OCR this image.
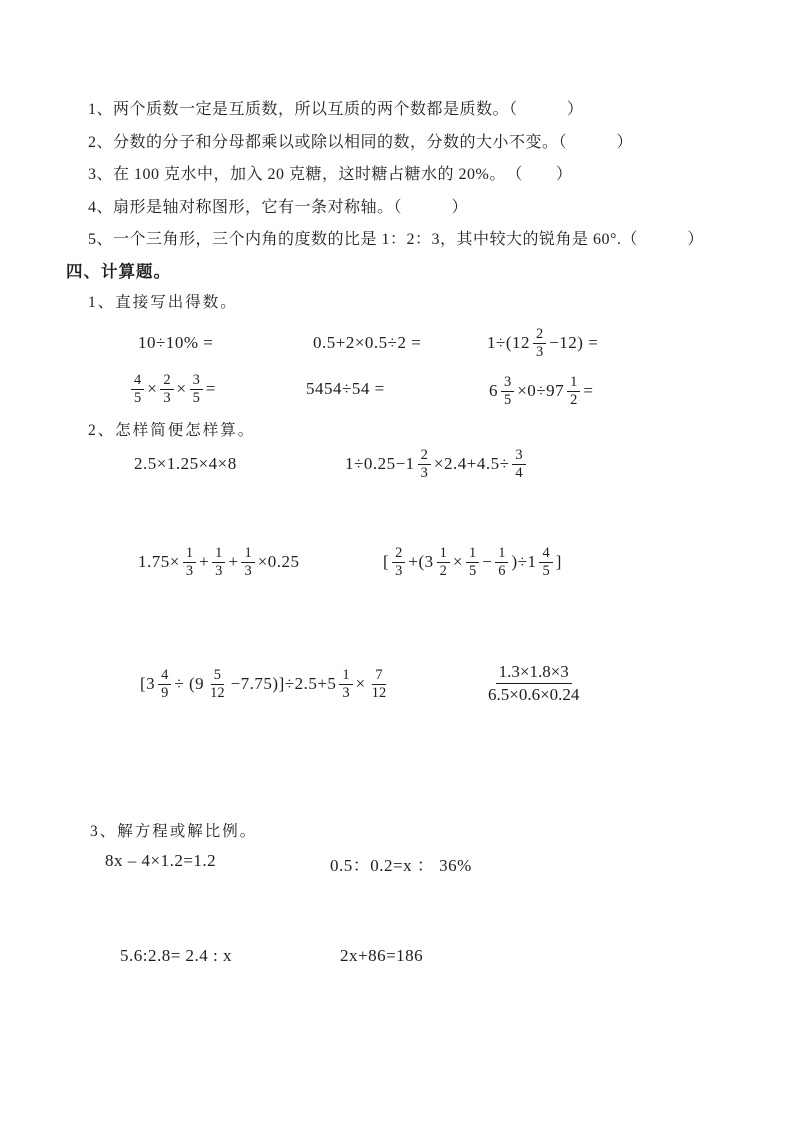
1、两个质数一定是互质数，所以互质的两个数都是质数。（　　　）

2、分数的分子和分母都乘以或除以相同的数，分数的大小不变。（　　　）

3、在 100 克水中，加入 20 克糖，这时糖占糖水的 20%。　（　　）

4、扇形是轴对称图形，它有一条对称轴。（　　　）

5、一个三角形，三个内角的度数的比是 1：2：3，其中较大的锐角是 60°.（　　　）

四、计算题。
1、直接写出得数。
10÷10% =	0.5+2×0.5÷2 =	$1\div(12 \frac{2}{3} -12)$ =
$\frac{4}{5} \times \frac{2}{3} \times \frac{3}{5}$ =	5454÷54 =	$6 \frac{3}{5} \times 0\div 97 \frac{1}{2}$ =
2、怎样简便怎样算。
2.5×1.25×4×8	$1\div 0.25-1 \frac{2}{3} \times 2.4+4.5\div \frac{3}{4}$
$1.75\times \frac{1}{3} + \frac{1}{3} + \frac{1}{3} \times 0.25$	[ $\frac{2}{3} +(3 \frac{1}{2} \times \frac{1}{5} - \frac{1}{6} )\div 1 \frac{4}{5}$ ]
$[3 \frac{4}{9} \div (9 \frac{5}{12} -7.75)]\div 2.5+5 \frac{1}{3} \times \frac{7}{12}$	$\frac{1.3\times 1.8\times 3}{6.5\times 0.6\times 0.24}$
3、解方程或解比例。
8x – 4×1.2=1.2	0.5：0.2=x ： 36%
5.6:2.8= 2.4 : x	2x+86=186
